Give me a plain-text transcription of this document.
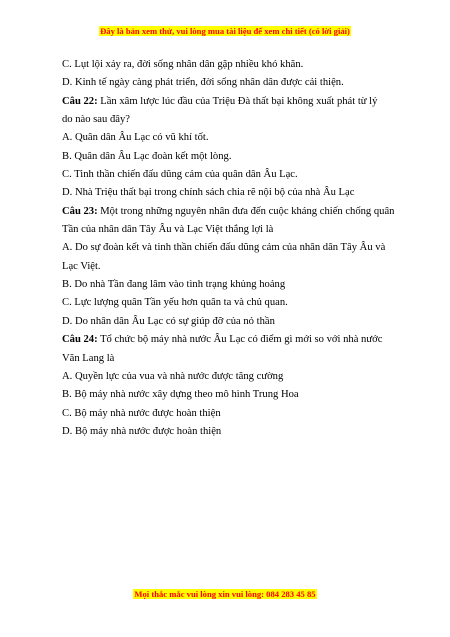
Đây là bản xem thử, vui lòng mua tài liệu để xem chi tiết (có lời giải)
C. Lụt lội xảy ra, đời sống nhân dân gặp nhiều khó khăn.
D. Kinh tế ngày càng phát triển, đời sống nhân dân được cải thiện.
Câu 22: Lần xâm lược lúc đầu của Triệu Đà thất bại không xuất phát từ lý
do nào sau đây?
A. Quân dân Âu Lạc có vũ khí tốt.
B. Quân dân Âu Lạc đoàn kết một lòng.
C. Tinh thần chiến đấu dũng cảm của quân dân Âu Lạc.
D. Nhà Triệu thất bại trong chính sách chia rẽ nội bộ của nhà Âu Lạc
Câu 23: Một trong những nguyên nhân đưa đến cuộc kháng chiến chống quân
Tần của nhân dân Tây Âu và Lạc Việt thắng lợi là
A. Do sự đoàn kết và tinh thần chiến đấu dũng cảm của nhân dân Tây Âu và
Lạc Việt.
B. Do nhà Tần đang lâm vào tình trạng khủng hoảng
C. Lực lượng quân Tần yếu hơn quân ta và chủ quan.
D. Do nhân dân Âu Lạc có sự giúp đỡ của nỏ thần
Câu 24: Tổ chức bộ máy nhà nước Âu Lạc có điểm gì mới so với nhà nước
Văn Lang là
A. Quyền lực của vua và nhà nước được tăng cường
B. Bộ máy nhà nước xây dựng theo mô hình Trung Hoa
C. Bộ máy nhà nước được hoàn thiện
D. Bộ máy nhà nước được hoàn thiện
Mọi thắc mắc vui lòng xin vui lòng: 084 283 45 85
